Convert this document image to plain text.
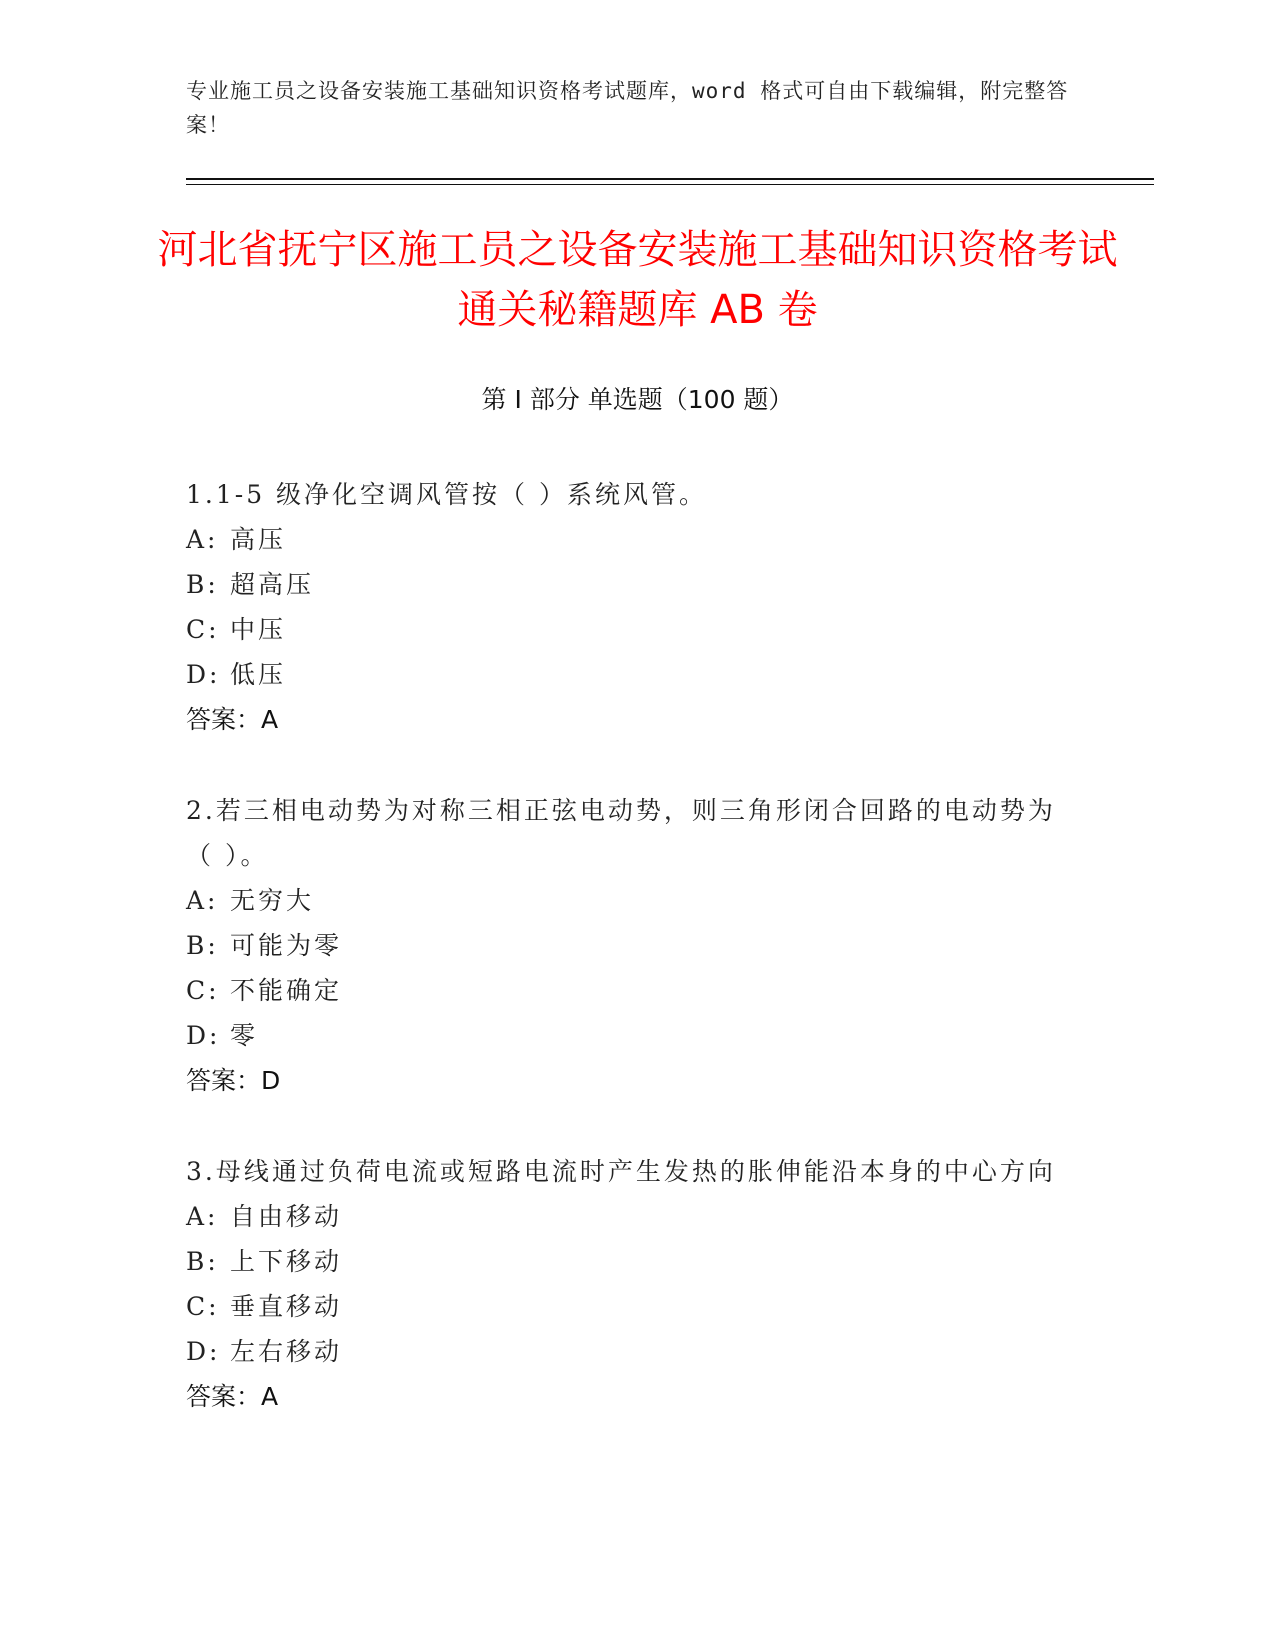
专业施工员之设备安装施工基础知识资格考试题库，word 格式可自由下载编辑，附完整答案！
河北省抚宁区施工员之设备安装施工基础知识资格考试通关秘籍题库 AB 卷
第 I 部分 单选题（100 题）
1.1-5 级净化空调风管按（ ）系统风管。
A: 高压
B: 超高压
C: 中压
D: 低压
答案：A
2.若三相电动势为对称三相正弦电动势，则三角形闭合回路的电动势为（ ）。
A: 无穷大
B: 可能为零
C: 不能确定
D: 零
答案：D
3.母线通过负荷电流或短路电流时产生发热的胀伸能沿本身的中心方向
A: 自由移动
B: 上下移动
C: 垂直移动
D: 左右移动
答案：A
